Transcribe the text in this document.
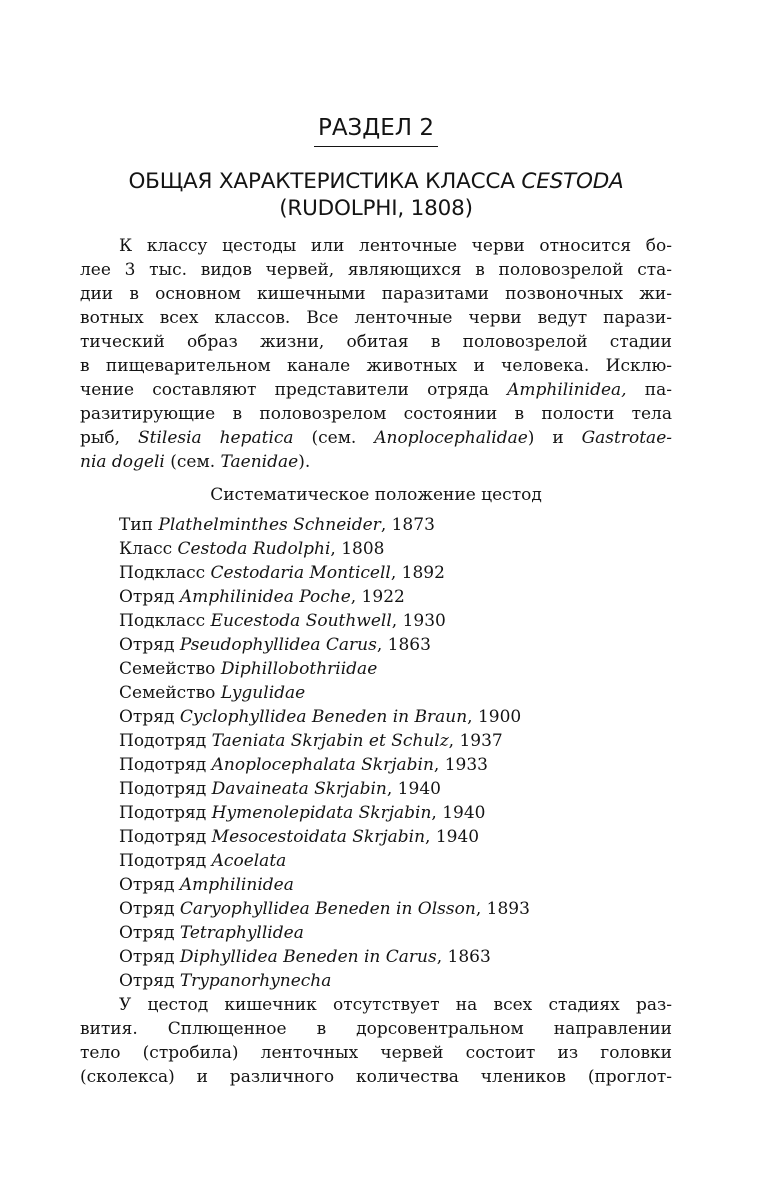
РАЗДЕЛ 2
ОБЩАЯ ХАРАКТЕРИСТИКА КЛАССА CESTODA
(RUDOLPHI, 1808)
К классу цестоды или ленточные черви относится бо-
лее 3 тыс. видов червей, являющихся в половозрелой ста-
дии в основном кишечными паразитами позвоночных жи-
вотных всех классов. Все ленточные черви ведут парази-
тический образ жизни, обитая в половозрелой стадии
в пищеварительном канале животных и человека. Исклю-
чение составляют представители отряда Amphilinidea, па-
разитирующие в половозрелом состоянии в полости тела
рыб, Stilesia hepatica (сем. Anoplocephalidae) и Gastrotae-
nia dogeli (сем. Taenidae).
Систематическое положение цестод
Тип Plathelminthes Schneider, 1873
Класс Cestoda Rudolphi, 1808
Подкласс Cestodaria Monticell, 1892
Отряд Amphilinidea Poche, 1922
Подкласс Eucestoda Southwell, 1930
Отряд Pseudophyllidea Carus, 1863
Семейство Diphillobothriidae
Семейство Lygulidae
Отряд Cyclophyllidea Beneden in Braun, 1900
Подотряд Taeniata Skrjabin et Schulz, 1937
Подотряд Anoplocephalata Skrjabin, 1933
Подотряд Davaineata Skrjabin, 1940
Подотряд Hymenolepidata Skrjabin, 1940
Подотряд Mesocestoidata Skrjabin, 1940
Подотряд Acoelata
Отряд Amphilinidea
Отряд Caryophyllidea Beneden in Olsson, 1893
Отряд Tetraphyllidea
Отряд Diphyllidea Beneden in Carus, 1863
Отряд Trypanorhynecha
У цестод кишечник отсутствует на всех стадиях раз-
вития. Сплющенное в дорсовентральном направлении
тело (стробила) ленточных червей состоит из головки
(сколекса) и различного количества члеников (проглот-
